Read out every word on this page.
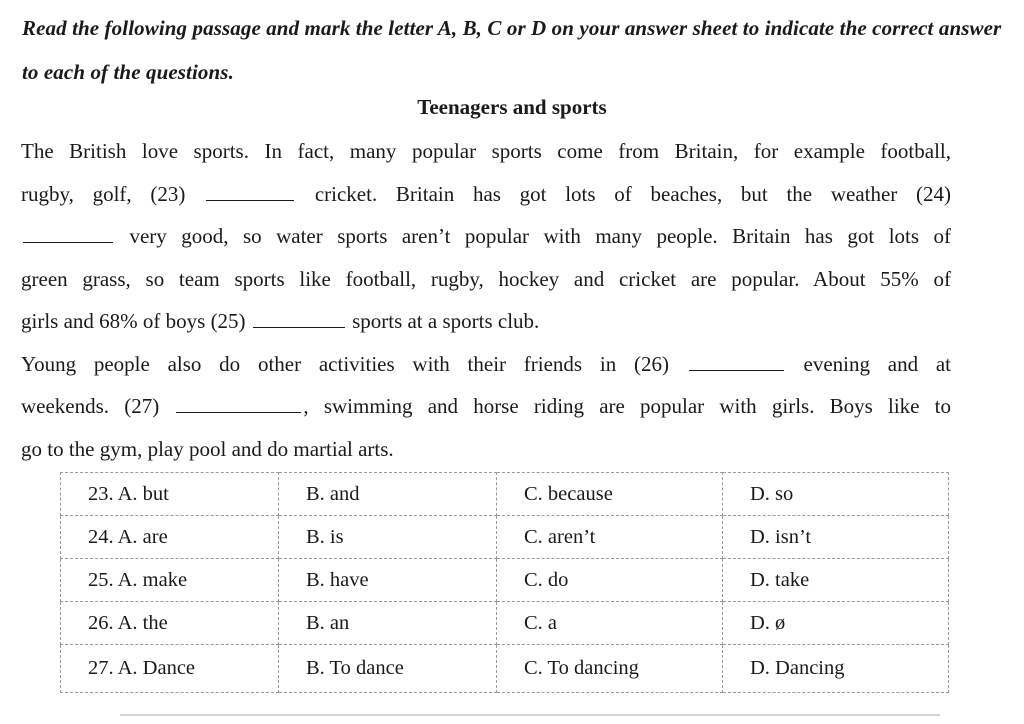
Read the following passage and mark the letter A, B, C or D on your answer sheet to indicate the correct answer to each of the questions.
Teenagers and sports
The British love sports. In fact, many popular sports come from Britain, for example football,
rugby, golf, (23)	cricket. Britain has got lots of beaches, but the weather (24)
very good, so water sports aren’t popular with many people. Britain has got lots of
green grass, so team sports like football, rugby, hockey and cricket are popular. About 55% of
girls and 68% of boys (25)	sports at a sports club.
Young people also do other activities with their friends in (26)	evening and at
weekends. (27)	, swimming and horse riding are popular with girls. Boys like to
go to the gym, play pool and do martial arts.
23. A. but	B. and	C. because	D. so
24. A. are	B. is	C. aren’t	D. isn’t
25. A. make	B. have	C. do	D. take
26. A. the	B. an	C. a	D. ø
27. A. Dance	B. To dance	C. To dancing	D. Dancing
